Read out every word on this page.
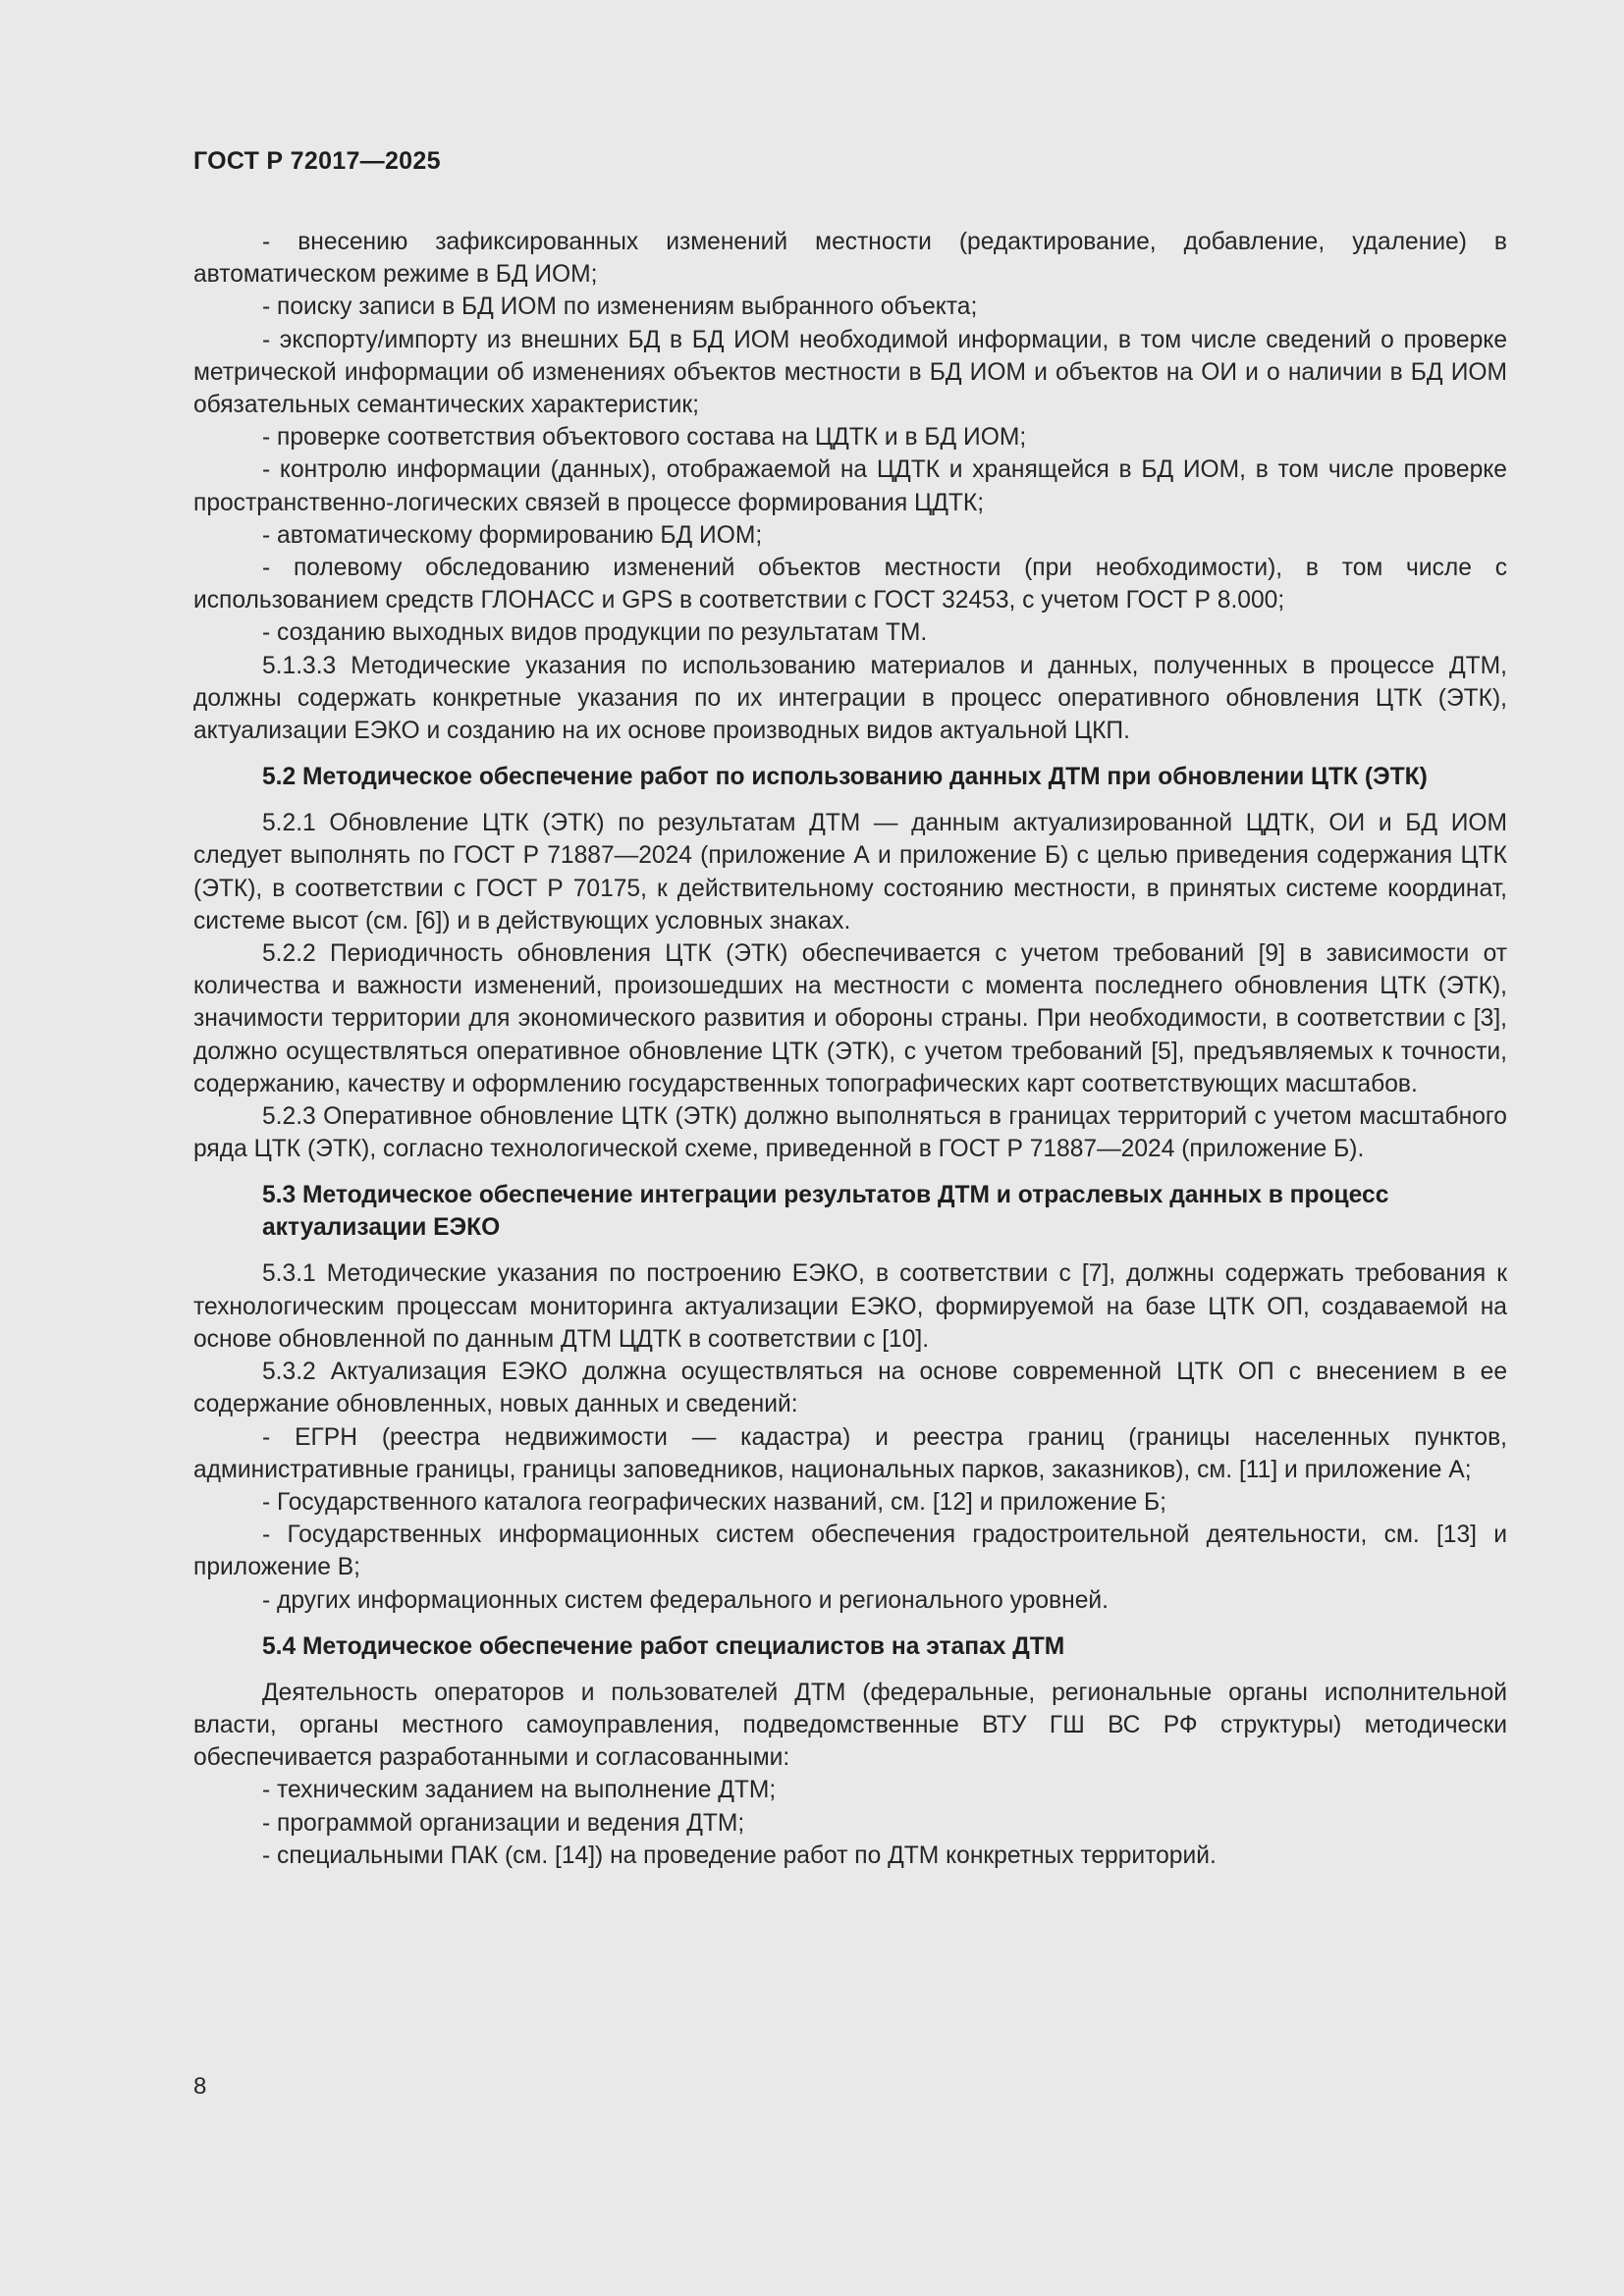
ГОСТ Р 72017—2025

- внесению зафиксированных изменений местности (редактирование, добавление, удаление) в автоматическом режиме в БД ИОМ;

- поиску записи в БД ИОМ по изменениям выбранного объекта;

- экспорту/импорту из внешних БД в БД ИОМ необходимой информации, в том числе сведений о проверке метрической информации об изменениях объектов местности в БД ИОМ и объектов на ОИ и о наличии в БД ИОМ обязательных семантических характеристик;

- проверке соответствия объектового состава на ЦДТК и в БД ИОМ;

- контролю информации (данных), отображаемой на ЦДТК и хранящейся в БД ИОМ, в том числе проверке пространственно-логических связей в процессе формирования ЦДТК;

- автоматическому формированию БД ИОМ;

- полевому обследованию изменений объектов местности (при необходимости), в том числе с использованием средств ГЛОНАСС и GPS в соответствии с ГОСТ 32453, с учетом ГОСТ Р 8.000;

- созданию выходных видов продукции по результатам ТМ.

5.1.3.3 Методические указания по использованию материалов и данных, полученных в процессе ДТМ, должны содержать конкретные указания по их интеграции в процесс оперативного обновления ЦТК (ЭТК), актуализации ЕЭКО и созданию на их основе производных видов актуальной ЦКП.

5.2 Методическое обеспечение работ по использованию данных ДТМ при обновлении ЦТК (ЭТК)

5.2.1 Обновление ЦТК (ЭТК) по результатам ДТМ — данным актуализированной ЦДТК, ОИ и БД ИОМ следует выполнять по ГОСТ Р 71887—2024 (приложение А и приложение Б) с целью приведения содержания ЦТК (ЭТК), в соответствии с ГОСТ Р 70175, к действительному состоянию местности, в принятых системе координат, системе высот (см. [6]) и в действующих условных знаках.

5.2.2 Периодичность обновления ЦТК (ЭТК) обеспечивается с учетом требований [9] в зависимости от количества и важности изменений, произошедших на местности с момента последнего обновления ЦТК (ЭТК), значимости территории для экономического развития и обороны страны. При необходимости, в соответствии с [3], должно осуществляться оперативное обновление ЦТК (ЭТК), с учетом требований [5], предъявляемых к точности, содержанию, качеству и оформлению государственных топографических карт соответствующих масштабов.

5.2.3 Оперативное обновление ЦТК (ЭТК) должно выполняться в границах территорий с учетом масштабного ряда ЦТК (ЭТК), согласно технологической схеме, приведенной в ГОСТ Р 71887—2024 (приложение Б).

5.3 Методическое обеспечение интеграции результатов ДТМ и отраслевых данных в процесс актуализации ЕЭКО

5.3.1 Методические указания по построению ЕЭКО, в соответствии с [7], должны содержать требования к технологическим процессам мониторинга актуализации ЕЭКО, формируемой на базе ЦТК ОП, создаваемой на основе обновленной по данным ДТМ ЦДТК в соответствии с [10].

5.3.2 Актуализация ЕЭКО должна осуществляться на основе современной ЦТК ОП с внесением в ее содержание обновленных, новых данных и сведений:

- ЕГРН (реестра недвижимости — кадастра) и реестра границ (границы населенных пунктов, административные границы, границы заповедников, национальных парков, заказников), см. [11] и приложение А;

- Государственного каталога географических названий, см. [12] и приложение Б;

- Государственных информационных систем обеспечения градостроительной деятельности, см. [13] и приложение В;

- других информационных систем федерального и регионального уровней.

5.4 Методическое обеспечение работ специалистов на этапах ДТМ

Деятельность операторов и пользователей ДТМ (федеральные, региональные органы исполнительной власти, органы местного самоуправления, подведомственные ВТУ ГШ ВС РФ структуры) методически обеспечивается разработанными и согласованными:

- техническим заданием на выполнение ДТМ;

- программой организации и ведения ДТМ;

- специальными ПАК (см. [14]) на проведение работ по ДТМ конкретных территорий.

8
